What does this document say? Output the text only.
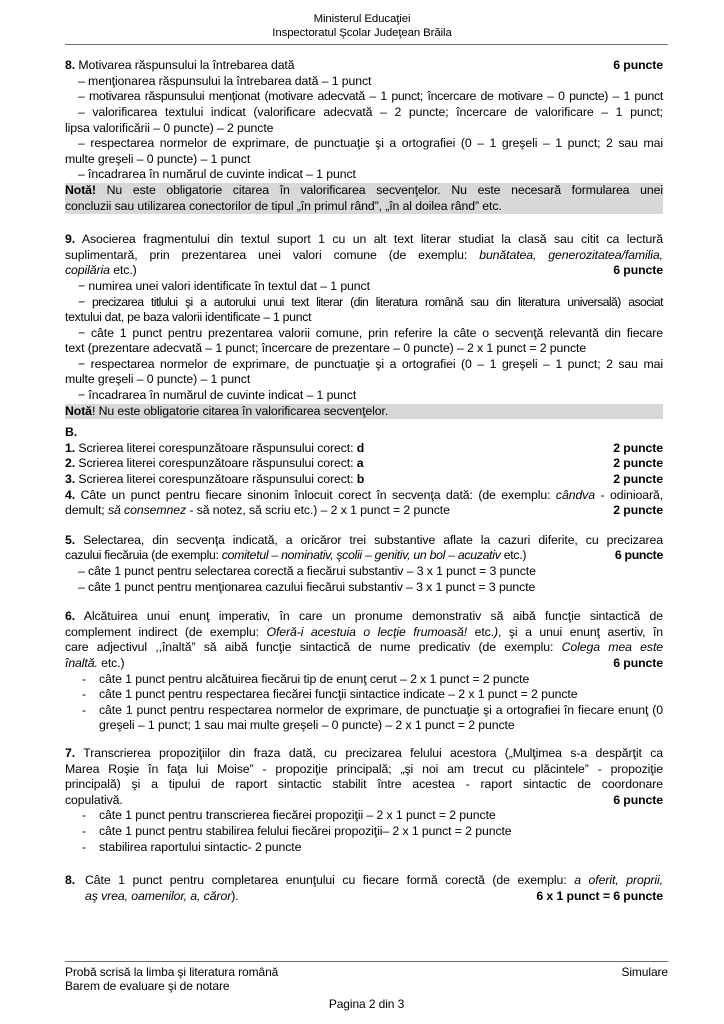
Ministerul Educaţiei
Inspectoratul Şcolar Judeţean Brăila
8. Motivarea răspunsului la întrebarea dată	6 puncte
– menţionarea răspunsului la întrebarea dată – 1 punct
– motivarea răspunsului menţionat (motivare adecvată – 1 punct; încercare de motivare – 0 puncte) – 1 punct
– valorificarea textului indicat (valorificare adecvată – 2 puncte; încercare de valorificare – 1 punct;
lipsa valorificării – 0 puncte) – 2 puncte
– respectarea normelor de exprimare, de punctuaţie şi a ortografiei (0 – 1 greşeli – 1 punct; 2 sau mai
multe greşeli – 0 puncte) – 1 punct
– încadrarea în numărul de cuvinte indicat – 1 punct
Notă! Nu este obligatorie citarea în valorificarea secvenţelor. Nu este necesară formularea unei
concluzii sau utilizarea conectorilor de tipul „în primul rând”, „în al doilea rând” etc.
9. Asocierea fragmentului din textul suport 1 cu un alt text literar studiat la clasă sau citit ca lectură
suplimentară, prin prezentarea unei valori comune (de exemplu: bunătatea, generozitatea/familia,
copilăria etc.)	6 puncte
− numirea unei valori identificate în textul dat – 1 punct
− precizarea titlului şi a autorului unui text literar (din literatura română sau din literatura universală) asociat
textului dat, pe baza valorii identificate – 1 punct
− câte 1 punct pentru prezentarea valorii comune, prin referire la câte o secvenţă relevantă din fiecare
text (prezentare adecvată – 1 punct; încercare de prezentare – 0 puncte) – 2 x 1 punct = 2 puncte
− respectarea normelor de exprimare, de punctuaţie şi a ortografiei (0 – 1 greşeli – 1 punct; 2 sau mai
multe greşeli – 0 puncte) – 1 punct
− încadrarea în numărul de cuvinte indicat – 1 punct
Notă! Nu este obligatorie citarea în valorificarea secvenţelor.
B.
1. Scrierea literei corespunzătoare răspunsului corect: d	2 puncte
2. Scrierea literei corespunzătoare răspunsului corect: a	2 puncte
3. Scrierea literei corespunzătoare răspunsului corect: b	2 puncte
4. Câte un punct pentru fiecare sinonim înlocuit corect în secvenţa dată: (de exemplu: cândva - odinioară,
demult; să consemnez - să notez, să scriu etc.) – 2 x 1 punct = 2 puncte	2 puncte
5. Selectarea, din secvenţa indicată, a oricăror trei substantive aflate la cazuri diferite, cu precizarea
cazului fiecăruia (de exemplu: comitetul – nominativ, şcolii – genitiv, un bol – acuzativ etc.)	6 puncte
– câte 1 punct pentru selectarea corectă a fiecărui substantiv – 3 x 1 punct = 3 puncte
– câte 1 punct pentru menţionarea cazului fiecărui substantiv – 3 x 1 punct = 3 puncte
6. Alcătuirea unui enunţ imperativ, în care un pronume demonstrativ să aibă funcţie sintactică de
complement indirect (de exemplu: Oferă-i acestuia o lecţie frumoasă! etc.), şi a unui enunţ asertiv, în
care adjectivul ,,înaltă” să aibă funcţie sintactică de nume predicativ (de exemplu: Colega mea este
înaltă. etc.)	6 puncte
-	câte 1 punct pentru alcătuirea fiecărui tip de enunţ cerut – 2 x 1 punct = 2 puncte
-	câte 1 punct pentru respectarea fiecărei funcţii sintactice indicate – 2 x 1 punct = 2 puncte
-	câte 1 punct pentru respectarea normelor de exprimare, de punctuaţie şi a ortografiei în fiecare enunţ (0 greşeli – 1 punct; 1 sau mai multe greşeli – 0 puncte) – 2 x 1 punct = 2 puncte
7. Transcrierea propoziţiilor din fraza dată, cu precizarea felului acestora („Mulţimea s-a despărţit ca
Marea Roşie în faţa lui Moise” - propoziţie principală; „şi noi am trecut cu plăcintele” - propoziţie
principală) şi a tipului de raport sintactic stabilit între acestea - raport sintactic de coordonare
copulativă.	6 puncte
-	câte 1 punct pentru transcrierea fiecărei propoziţii – 2 x 1 punct = 2 puncte
-	câte 1 punct pentru stabilirea felului fiecărei propoziţii– 2 x 1 punct = 2 puncte
-	stabilirea raportului sintactic- 2 puncte
8. Câte 1 punct pentru completarea enunţului cu fiecare formă corectă (de exemplu: a oferit, proprii,
aş vrea, oamenilor, a, căror).	6 x 1 punct = 6 puncte
Probă scrisă la limba şi literatura română	Simulare
Barem de evaluare şi de notare
Pagina 2 din 3
